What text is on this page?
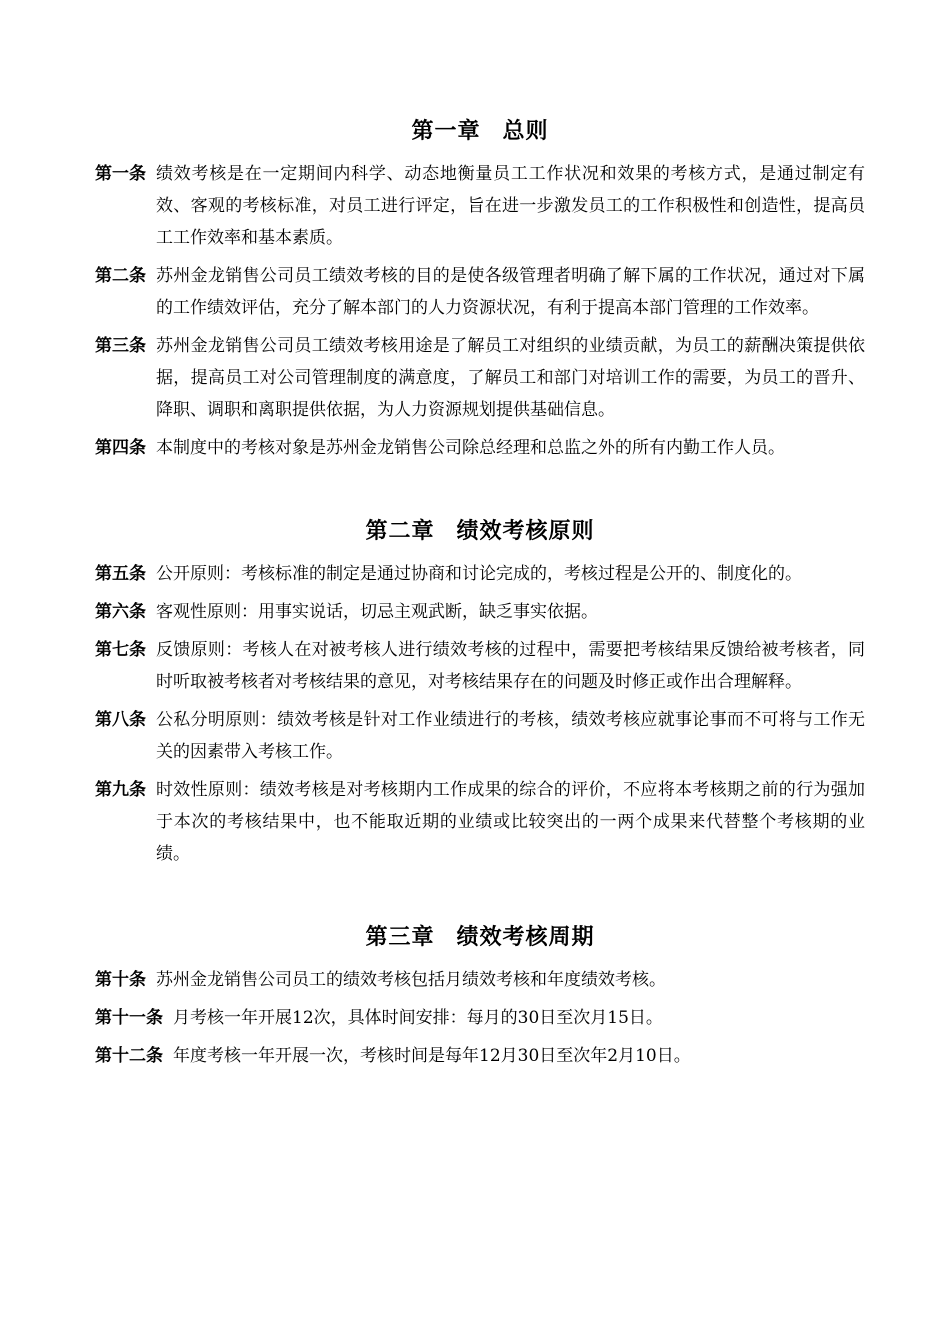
第一章 总则
第一条 绩效考核是在一定期间内科学、动态地衡量员工工作状况和效果的考核方式，是通过制定有效、客观的考核标准，对员工进行评定，旨在进一步激发员工的工作积极性和创造性，提高员工工作效率和基本素质。
第二条 苏州金龙销售公司员工绩效考核的目的是使各级管理者明确了解下属的工作状况，通过对下属的工作绩效评估，充分了解本部门的人力资源状况，有利于提高本部门管理的工作效率。
第三条 苏州金龙销售公司员工绩效考核用途是了解员工对组织的业绩贡献，为员工的薪酬决策提供依据，提高员工对公司管理制度的满意度，了解员工和部门对培训工作的需要，为员工的晋升、降职、调职和离职提供依据，为人力资源规划提供基础信息。
第四条 本制度中的考核对象是苏州金龙销售公司除总经理和总监之外的所有内勤工作人员。
第二章 绩效考核原则
第五条 公开原则：考核标准的制定是通过协商和讨论完成的，考核过程是公开的、制度化的。
第六条 客观性原则：用事实说话，切忌主观武断，缺乏事实依据。
第七条 反馈原则：考核人在对被考核人进行绩效考核的过程中，需要把考核结果反馈给被考核者，同时听取被考核者对考核结果的意见，对考核结果存在的问题及时修正或作出合理解释。
第八条 公私分明原则：绩效考核是针对工作业绩进行的考核，绩效考核应就事论事而不可将与工作无关的因素带入考核工作。
第九条 时效性原则：绩效考核是对考核期内工作成果的综合的评价，不应将本考核期之前的行为强加于本次的考核结果中，也不能取近期的业绩或比较突出的一两个成果来代替整个考核期的业绩。
第三章 绩效考核周期
第十条 苏州金龙销售公司员工的绩效考核包括月绩效考核和年度绩效考核。
第十一条 月考核一年开展12次，具体时间安排：每月的30日至次月15日。
第十二条 年度考核一年开展一次，考核时间是每年12月30日至次年2月10日。
